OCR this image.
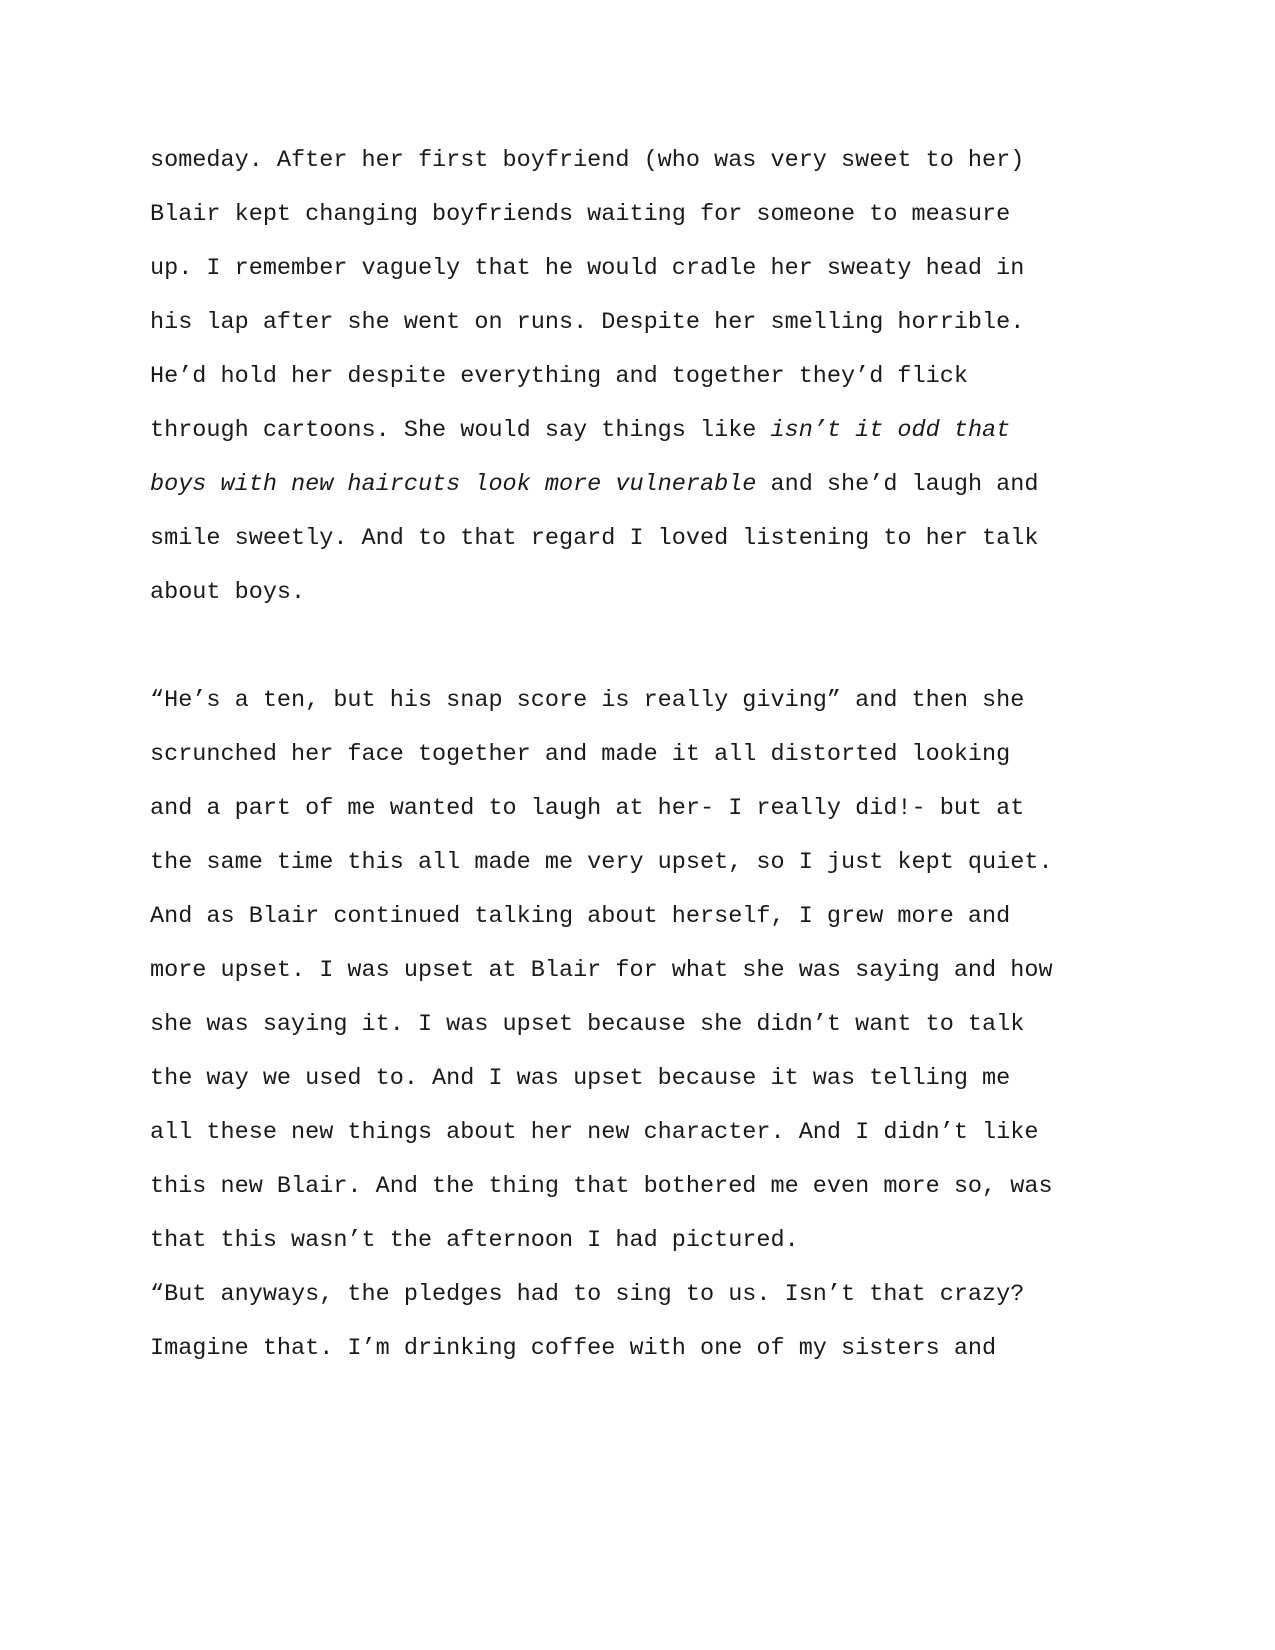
someday. After her first boyfriend (who was very sweet to her)

Blair kept changing boyfriends waiting for someone to measure

up. I remember vaguely that he would cradle her sweaty head in

his lap after she went on runs. Despite her smelling horrible.

He’d hold her despite everything and together they’d flick

through cartoons. She would say things like isn’t it odd that

boys with new haircuts look more vulnerable and she’d laugh and

smile sweetly. And to that regard I loved listening to her talk

about boys.

“He’s a ten, but his snap score is really giving” and then she

scrunched her face together and made it all distorted looking

and a part of me wanted to laugh at her- I really did!- but at

the same time this all made me very upset, so I just kept quiet.

And as Blair continued talking about herself, I grew more and

more upset. I was upset at Blair for what she was saying and how

she was saying it. I was upset because she didn’t want to talk

the way we used to. And I was upset because it was telling me

all these new things about her new character. And I didn’t like

this new Blair. And the thing that bothered me even more so, was

that this wasn’t the afternoon I had pictured.

“But anyways, the pledges had to sing to us. Isn’t that crazy?

Imagine that. I’m drinking coffee with one of my sisters and
